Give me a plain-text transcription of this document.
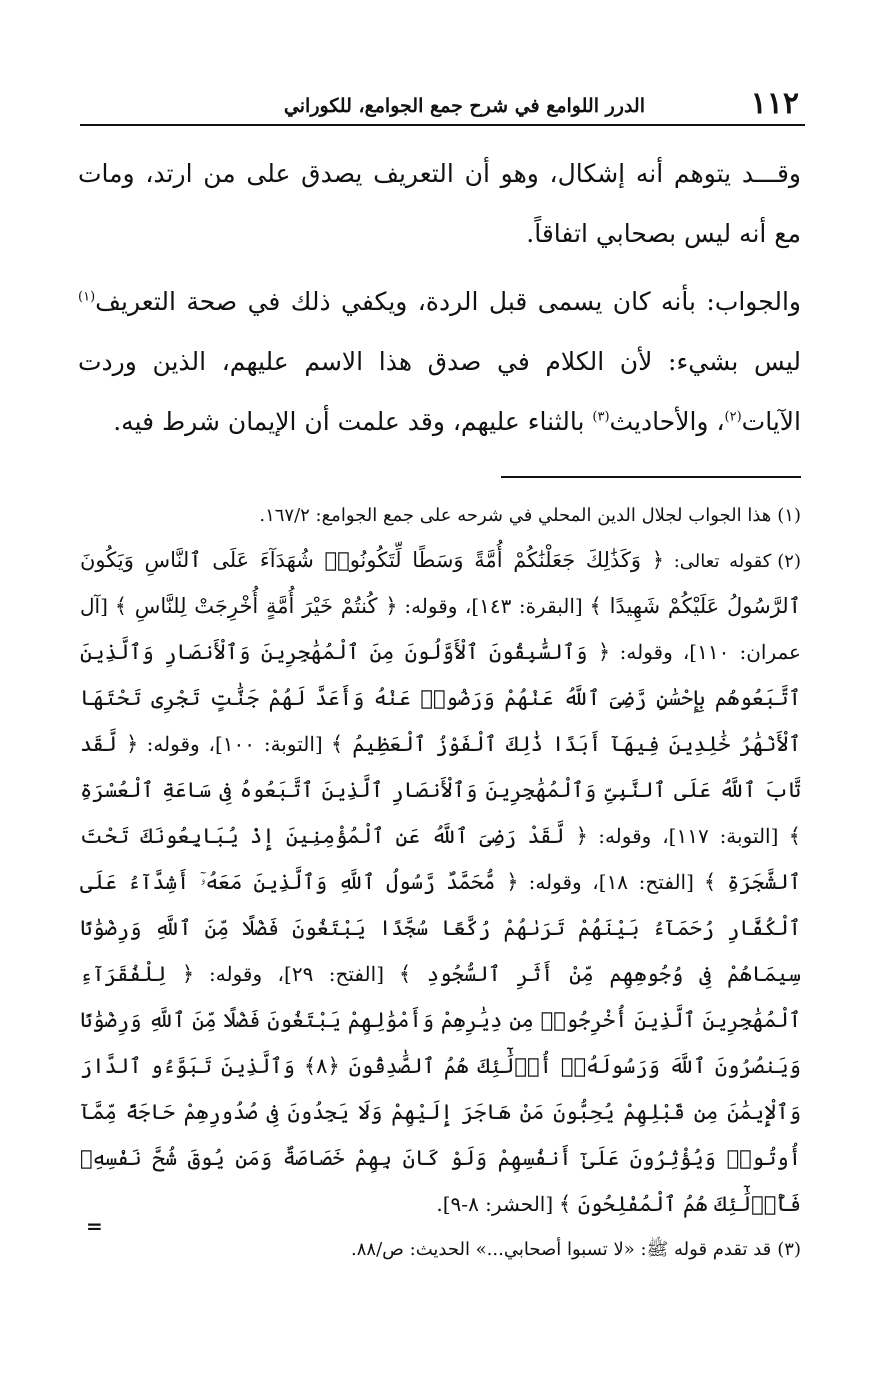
١١٢
الدرر اللوامع في شرح جمع الجوامع، للكوراني

وقـــد يتوهم أنه إشكال، وهو أن التعريف يصدق على من ارتد، ومات مع أنه ليس بصحابي اتفاقاً.

والجواب: بأنه كان يسمى قبل الردة، ويكفي ذلك في صحة التعريف$^{(١)}$ ليس بشيء: لأن الكلام في صدق هذا الاسم عليهم، الذين وردت الآيات$^{(٢)}$، والأحاديث$^{(٣)}$ بالثناء عليهم، وقد علمت أن الإيمان شرط فيه.

(١)هذا الجواب لجلال الدين المحلي في شرحه على جمع الجوامع: ١٦٧/٢.

(٢)كقوله تعالى: ﴿ وَكَذَٰلِكَ جَعَلْنَٰكُمْ أُمَّةً وَسَطًا لِّتَكُونُوا۟ شُهَدَآءَ عَلَى ٱلنَّاسِ وَيَكُونَ ٱلرَّسُولُ عَلَيْكُمْ شَهِيدًا ﴾ [البقرة: ١٤٣]، وقوله: ﴿ كُنتُمْ خَيْرَ أُمَّةٍ أُخْرِجَتْ لِلنَّاسِ ﴾ [آل عمران: ١١٠]، وقوله: ﴿ وَٱلسَّٰبِقُونَ ٱلْأَوَّلُونَ مِنَ ٱلْمُهَٰجِرِينَ وَٱلْأَنصَارِ وَٱلَّذِينَ ٱتَّبَعُوهُم بِإِحْسَٰنٍ رَّضِىَ ٱللَّهُ عَنْهُمْ وَرَضُوا۟ عَنْهُ وَأَعَدَّ لَهُمْ جَنَّٰتٍ تَجْرِى تَحْتَهَا ٱلْأَنْهَٰرُ خَٰلِدِينَ فِيهَآ أَبَدًا ذَٰلِكَ ٱلْفَوْزُ ٱلْعَظِيمُ ﴾ [التوبة: ١٠٠]، وقوله: ﴿ لَّقَد تَّابَ ٱللَّهُ عَلَى ٱلنَّبِىِّ وَٱلْمُهَٰجِرِينَ وَٱلْأَنصَارِ ٱلَّذِينَ ٱتَّبَعُوهُ فِى سَاعَةِ ٱلْعُسْرَةِ ﴾ [التوبة: ١١٧]، وقوله: ﴿ لَّقَدْ رَضِىَ ٱللَّهُ عَنِ ٱلْمُؤْمِنِينَ إِذْ يُبَايِعُونَكَ تَحْتَ ٱلشَّجَرَةِ ﴾ [الفتح: ١٨]، وقوله: ﴿ مُّحَمَّدٌ رَّسُولُ ٱللَّهِ وَٱلَّذِينَ مَعَهُۥٓ أَشِدَّآءُ عَلَى ٱلْكُفَّارِ رُحَمَآءُ بَيْنَهُمْ تَرَىٰهُمْ رُكَّعًا سُجَّدًا يَبْتَغُونَ فَضْلًا مِّنَ ٱللَّهِ وَرِضْوَٰنًا سِيمَاهُمْ فِى وُجُوهِهِم مِّنْ أَثَرِ ٱلسُّجُودِ ﴾ [الفتح: ٢٩]، وقوله: ﴿ لِلْفُقَرَآءِ ٱلْمُهَٰجِرِينَ ٱلَّذِينَ أُخْرِجُوا۟ مِن دِيَٰرِهِمْ وَأَمْوَٰلِهِمْ يَبْتَغُونَ فَضْلًا مِّنَ ٱللَّهِ وَرِضْوَٰنًا وَيَنصُرُونَ ٱللَّهَ وَرَسُولَهُۥٓ أُو۟لَٰٓئِكَ هُمُ ٱلصَّٰدِقُونَ ﴿٨﴾ وَٱلَّذِينَ تَبَوَّءُو ٱلدَّارَ وَٱلْإِيمَٰنَ مِن قَبْلِهِمْ يُحِبُّونَ مَنْ هَاجَرَ إِلَيْهِمْ وَلَا يَجِدُونَ فِى صُدُورِهِمْ حَاجَةً مِّمَّآ أُوتُوا۟ وَيُؤْثِرُونَ عَلَىٰٓ أَنفُسِهِمْ وَلَوْ كَانَ بِهِمْ خَصَاصَةٌ وَمَن يُوقَ شُحَّ نَفْسِهِۦ فَأُو۟لَٰٓئِكَ هُمُ ٱلْمُفْلِحُونَ ﴾ [الحشر: ٨-٩].

(٣)قد تقدم قوله ﷺ: «لا تسبوا أصحابي...» الحديث: ص/٨٨.

=
